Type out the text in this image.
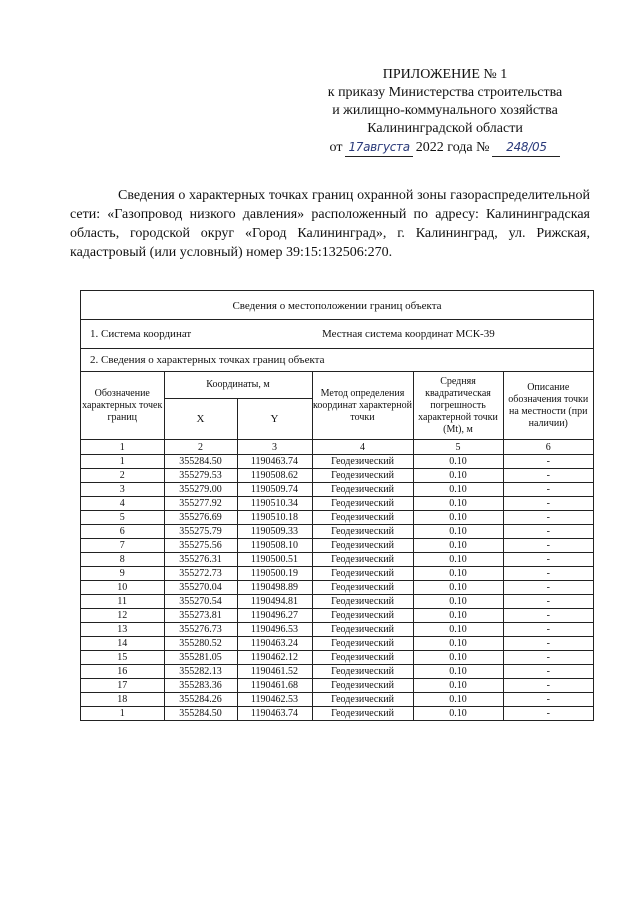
ПРИЛОЖЕНИЕ № 1
к приказу Министерства строительства
и жилищно-коммунального хозяйства
Калининградской области
от 17августа 2022 года №	248/05
Сведения о характерных точках границ охранной зоны газораспределительной сети: «Газопровод низкого давления» расположенный по адресу: Калининградская область, городской округ «Город Калининград», г. Калининград, ул. Рижская, кадастровый (или условный) номер 39:15:132506:270.
Сведения о местоположении границ объекта
1. Система координат	Местная система координат МСК-39
2. Сведения о характерных точках границ объекта
Обозначение характерных точек границ	Координаты, м		Метод определения координат характерной точки	Средняя квадратическая погрешность характерной точки (Mt), м	Описание обозначения точки на местности (при наличии)
	X	Y			
1	2	3	4	5	6
1	355284.50	1190463.74	Геодезический	0.10	-
2	355279.53	1190508.62	Геодезический	0.10	-
3	355279.00	1190509.74	Геодезический	0.10	-
4	355277.92	1190510.34	Геодезический	0.10	-
5	355276.69	1190510.18	Геодезический	0.10	-
6	355275.79	1190509.33	Геодезический	0.10	-
7	355275.56	1190508.10	Геодезический	0.10	-
8	355276.31	1190500.51	Геодезический	0.10	-
9	355272.73	1190500.19	Геодезический	0.10	-
10	355270.04	1190498.89	Геодезический	0.10	-
11	355270.54	1190494.81	Геодезический	0.10	-
12	355273.81	1190496.27	Геодезический	0.10	-
13	355276.73	1190496.53	Геодезический	0.10	-
14	355280.52	1190463.24	Геодезический	0.10	-
15	355281.05	1190462.12	Геодезический	0.10	-
16	355282.13	1190461.52	Геодезический	0.10	-
17	355283.36	1190461.68	Геодезический	0.10	-
18	355284.26	1190462.53	Геодезический	0.10	-
1	355284.50	1190463.74	Геодезический	0.10	-
